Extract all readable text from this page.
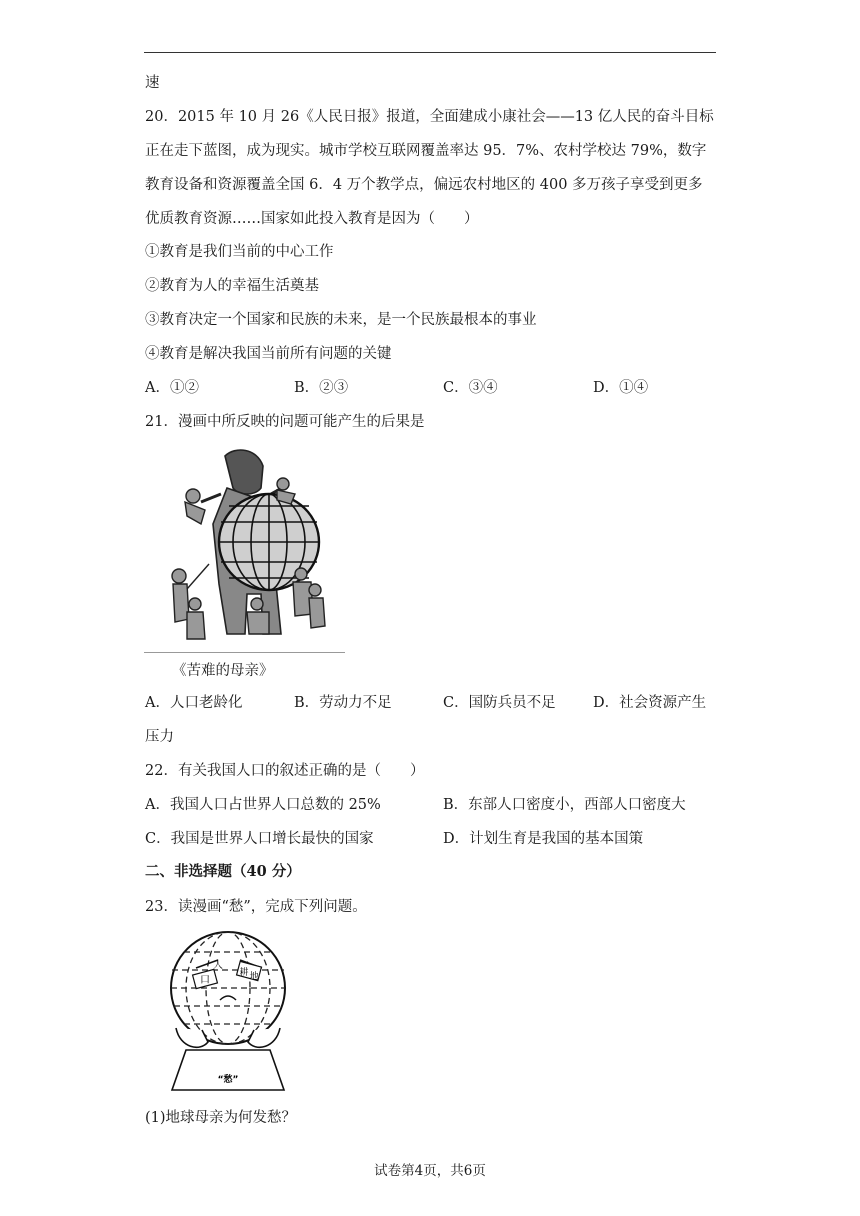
速
20．2015 年 10 月 26《人民日报》报道，全面建成小康社会——13 亿人民的奋斗目标
正在走下蓝图，成为现实。城市学校互联网覆盖率达 95．7%、农村学校达 79%，数字
教育设备和资源覆盖全国 6．4 万个教学点，偏远农村地区的 400 多万孩子享受到更多
优质教育资源……国家如此投入教育是因为（　　）
①教育是我们当前的中心工作
②教育为人的幸福生活奠基
③教育决定一个国家和民族的未来，是一个民族最根本的事业
④教育是解决我国当前所有问题的关键
A．①②	B．②③	C．③④	D．①④
21．漫画中所反映的问题可能产生的后果是
《苦难的母亲》
A．人口老龄化	B．劳动力不足	C．国防兵员不足	D．社会资源产生
压力
22．有关我国人口的叙述正确的是（　　）
A．我国人口占世界人口总数的 25%	B．东部人口密度小，西部人口密度大
C．我国是世界人口增长最快的国家	D．计划生育是我国的基本国策
二、非选择题（40 分）
23．读漫画“愁”，完成下列问题。
口
人
耕 地
“愁”
(1)地球母亲为何发愁？
试卷第4页，共6页
